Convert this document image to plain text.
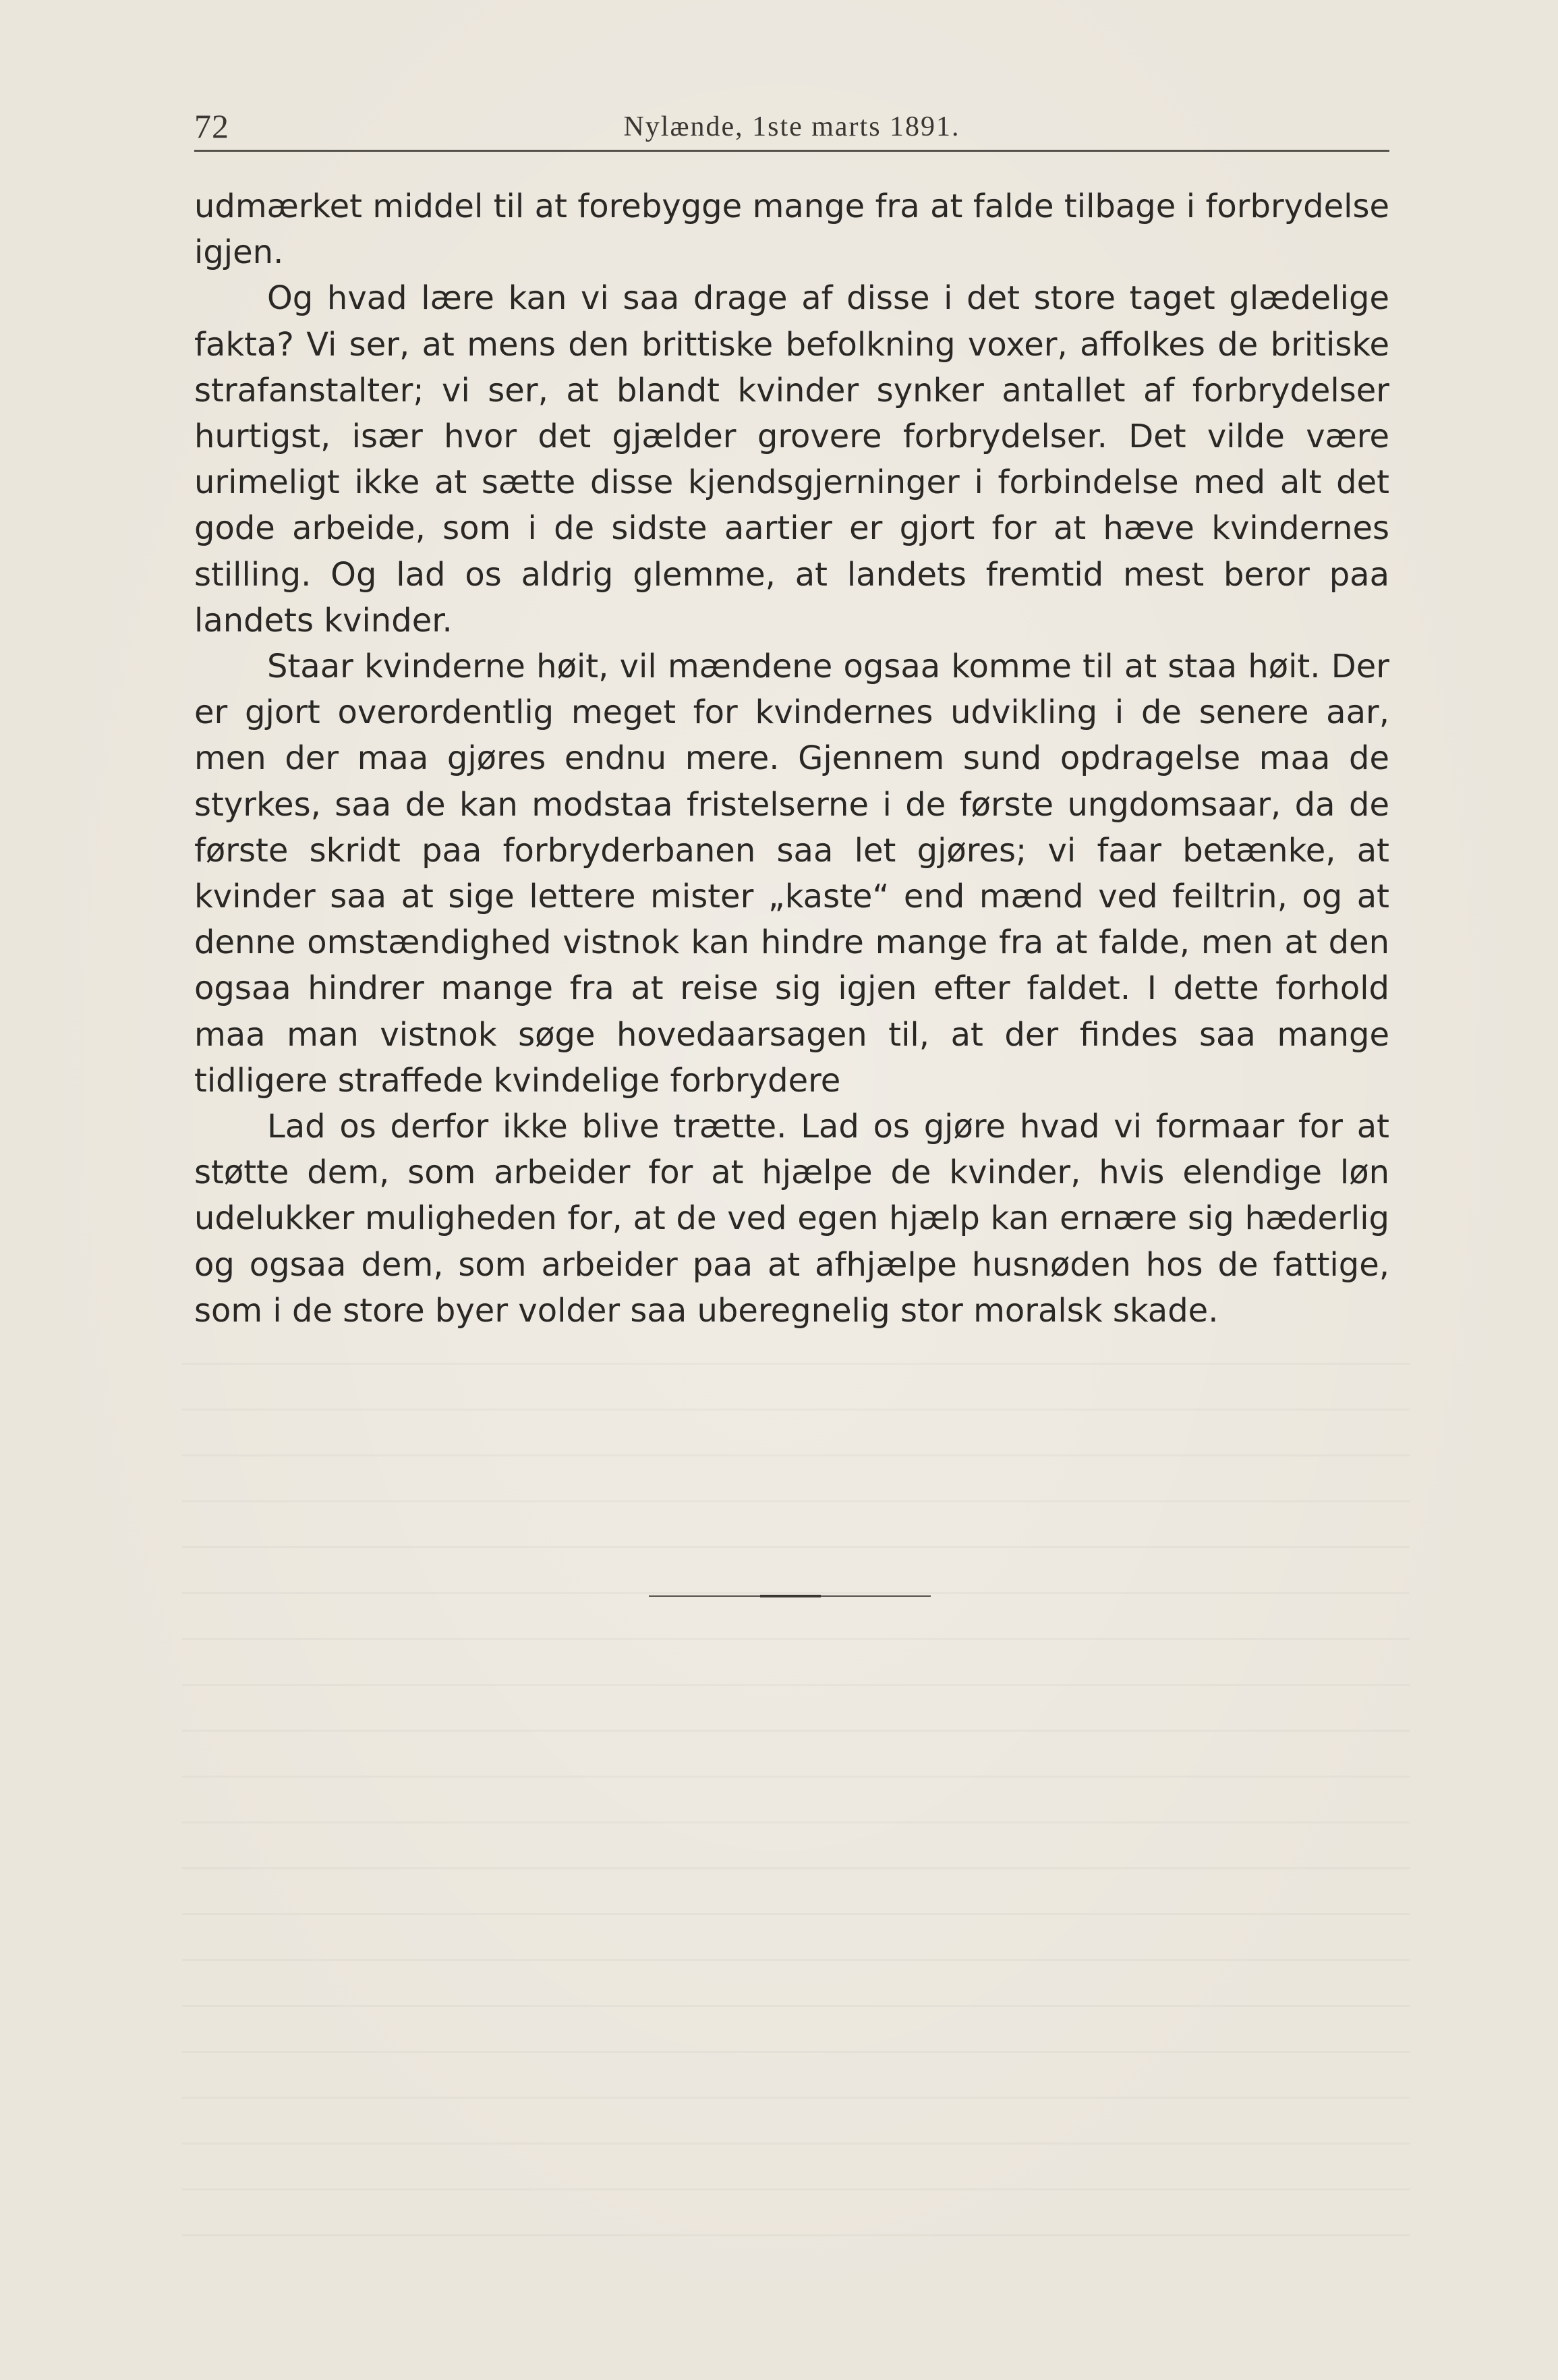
72	Nylænde, 1ste marts 1891.

udmærket middel til at forebygge mange fra at falde tilbage i forbrydelse igjen.

Og hvad lære kan vi saa drage af disse i det store taget glædelige fakta? Vi ser, at mens den brittiske befolkning voxer, affolkes de britiske strafanstalter; vi ser, at blandt kvinder synker antallet af forbrydelser hurtigst, især hvor det gjælder grovere forbrydelser. Det vilde være urimeligt ikke at sætte disse kjendsgjerninger i forbindelse med alt det gode arbeide, som i de sidste aartier er gjort for at hæve kvindernes stilling. Og lad os aldrig glemme, at landets fremtid mest beror paa landets kvinder.

Staar kvinderne høit, vil mændene ogsaa komme til at staa høit. Der er gjort overordentlig meget for kvindernes udvikling i de senere aar, men der maa gjøres endnu mere. Gjennem sund opdragelse maa de styrkes, saa de kan modstaa fristelserne i de første ungdomsaar, da de første skridt paa forbryderbanen saa let gjøres; vi faar betænke, at kvinder saa at sige lettere mister „kaste“ end mænd ved feiltrin, og at denne omstændighed vistnok kan hindre mange fra at falde, men at den ogsaa hindrer mange fra at reise sig igjen efter faldet. I dette forhold maa man vistnok søge hovedaarsagen til, at der findes saa mange tidligere straffede kvindelige forbrydere

Lad os derfor ikke blive trætte. Lad os gjøre hvad vi formaar for at støtte dem, som arbeider for at hjælpe de kvinder, hvis elendige løn udelukker muligheden for, at de ved egen hjælp kan ernære sig hæderlig og ogsaa dem, som arbeider paa at afhjælpe husnøden hos de fattige, som i de store byer volder saa uberegnelig stor moralsk skade.
